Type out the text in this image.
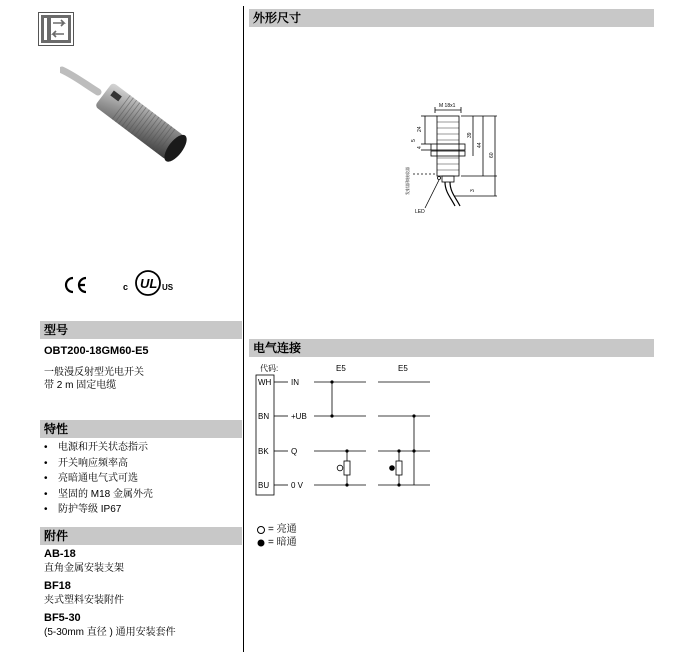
UL
c	US
型号
OBT200-18GM60-E5
一般漫反射型光电开关
带 2 m 固定电缆
特性
• 电源和开关状态指示
• 开关响应频率高
• 亮暗通电气式可选
• 坚固的 M18 金属外壳
• 防护等级 IP67
附件
AB-18
直角金属安装支架
BF18
夹式塑料安装附件
BF5-30
(5-30mm 直径 ) 通用安装套件
外形尺寸
M 18x1
24
4
39
44
60
3
5
发射器和接收器
LED
电气连接
代码:	E5	E5
WH
BN
BK
BU
IN
+UB
Q
0 V
= 亮通
= 暗通
